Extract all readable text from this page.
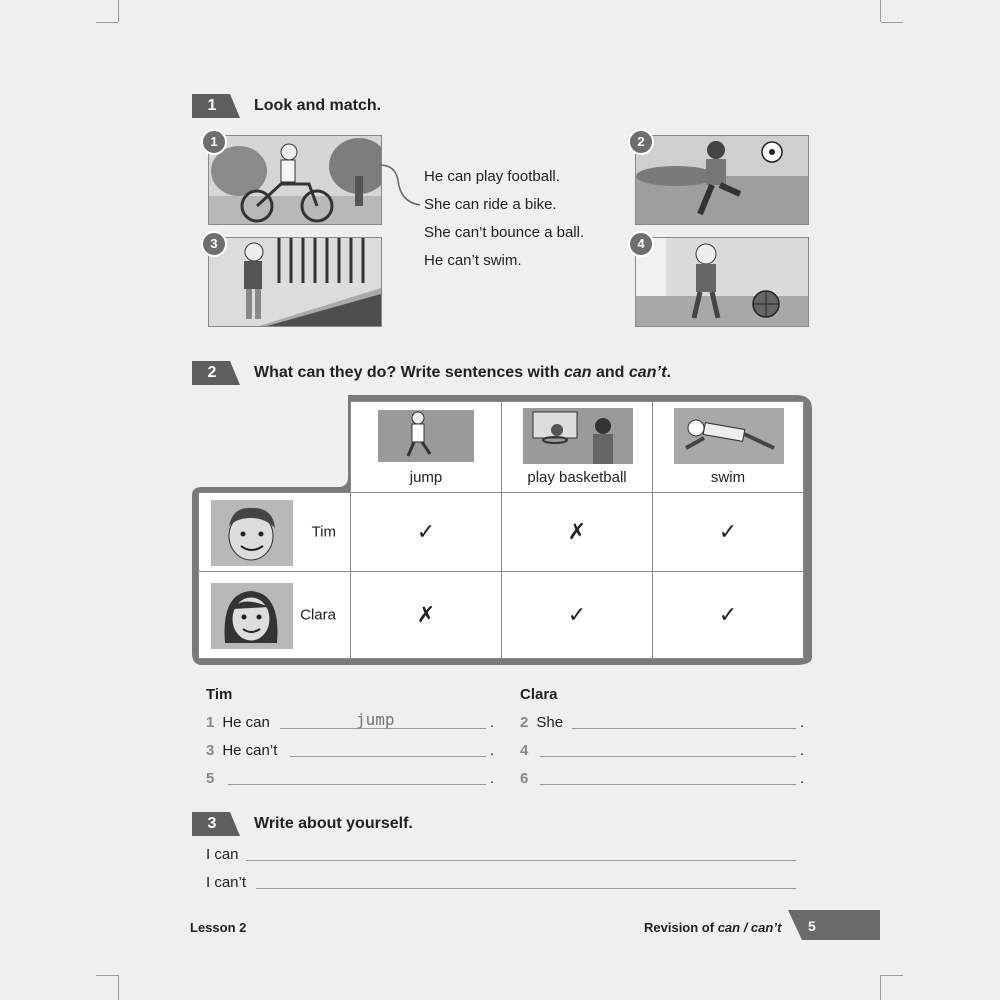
1	Look and match.
1
3
He can play football.
She can ride a bike.
She can’t bounce a ball.
He can’t swim.
2
4
2	What can they do? Write sentences with can and can’t.
jump	play basketball	swim
Tim	✓	✗	✓
Clara	✗	✓	✓
Tim	Clara
1 He can	jump	. 2 She	.
3 He can’t	. 4	.
5	. 6	.
3	Write about yourself.
I can
I can’t
Lesson 2	Revision of can / can’t 5
